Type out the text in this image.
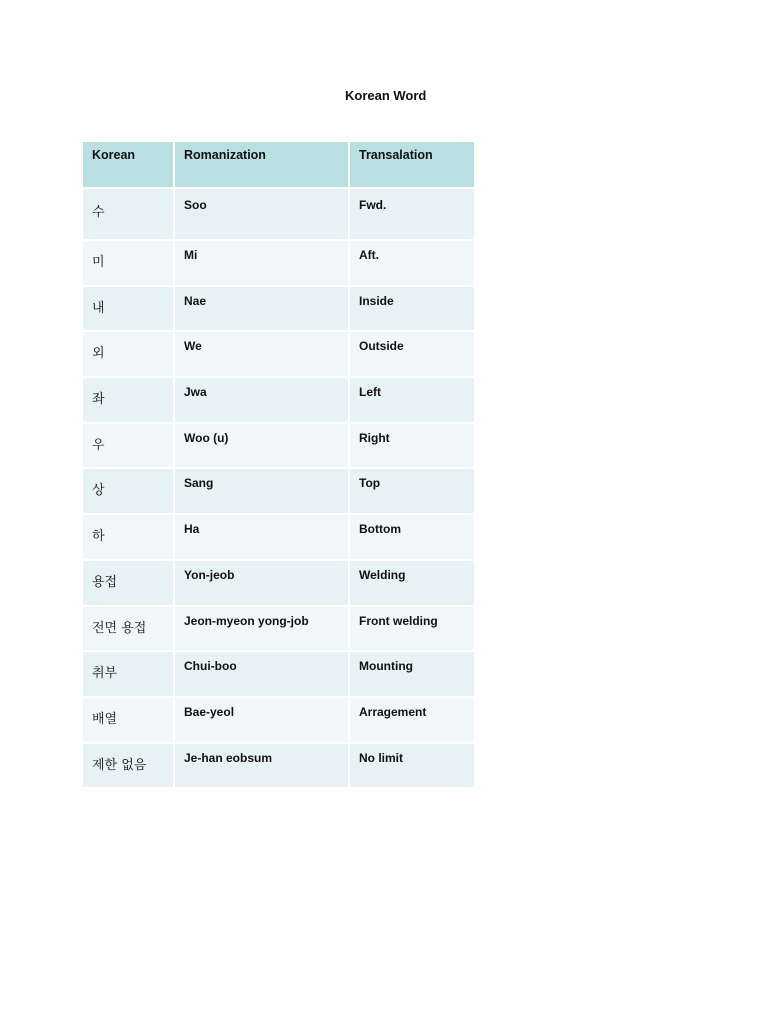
Korean Word
Korean	Romanization	Transalation
수	Soo	Fwd.
미	Mi	Aft.
내	Nae	Inside
외	We	Outside
좌	Jwa	Left
우	Woo (u)	Right
상	Sang	Top
하	Ha	Bottom
용접	Yon-jeob	Welding
전면 용접	Jeon-myeon yong-job	Front welding
취부	Chui-boo	Mounting
배열	Bae-yeol	Arragement
제한 없음	Je-han eobsum	No limit
